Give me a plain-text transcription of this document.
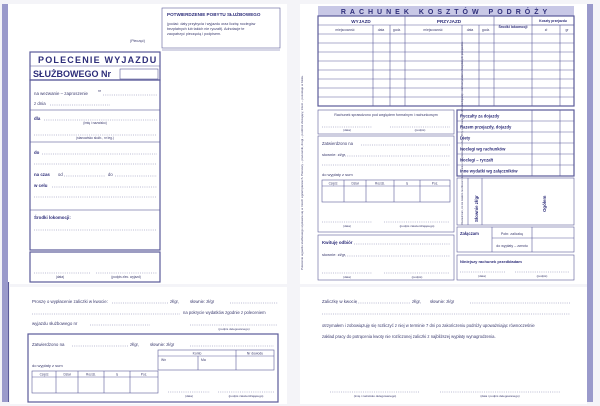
(Pieczęć)
POTWIERDZENIE POBYTU SŁUŻBOWEGO
(podać: daty przybycia i wyjazdu oraz liczbę noclegów
bezpłatnych lub takich nie ryczałt). Adnotacje te
zaopatrzyć pieczęcią i podpisem.
POLECENIE WYJAZDU
SŁUŻBOWEGO Nr
na wezwanie – zaproszenie	nr
z dnia
dla
(imię i nazwisko)
(stanowisko służb., nr leg.)
do
na czas od	do
w celu
Środki lokomocji:
(data)	(podpis zlec. wyjazd)
Polecenie wyjazdu służbowego wystawia się w trzech egzemplarzach. Pierwszy – pracownik, drugi – podmiot zlecający, trzeci – pozostaje w bloku.
RACHUNEK KOSZTÓW PODRÓŻY
WYJAZD	PRZYJAZD
Środki lokomocji
Koszty przejazdu
miejscowość	data	godz.	miejscowość	data	godz.	zł	gr
Rachunek sprawdzono pod względem formalnym i rachunkowym
(data)	(podpis)
Zatwierdzono na
słownie: zł/gr
do wypłaty z sum
Część	Dział	Rozdz.	§	Poz.
(data)	(podpis zatwierdzającego)
Kwituję odbiór
słownie: zł/gr
(data)	(podpis)
Ryczałty za dojazdy
Razem przejazdy, dojazdy
Diety
Noclegi wg rachunków
Noclegi – ryczałt
Inne wydatki wg załączników
Słownie zł/gr	Ogółem
Oświadczam, że nie miałem możliwości skorzystania z bezpłatnego noclegu. Przy rozliczaniu ryczałtów za dojazdy – nie korzystałem z bezpłatnych przejazdów.
Załączam	Pobr. zaliczkę
do wypłaty – zwrotu
Niniejszy rachunek przedkładam
(data)	(podpis)
Proszę o wypłacenie zaliczki w kwocie:	zł/gr,	słownie: zł/gr
na pokrycie wydatków zgodnie z poleceniem
wyjazdu służbowego nr
(podpis delegowanego)
Zatwierdzono na	zł/gr,	słownie: zł/gr
Konto	Nr dowodu
Wn	Ma
do wypłaty z sum
Część	Dział	Rozdz.	§	Poz.
(data)	(podpis zatwierdzającego)
Zaliczkę w kwocie	zł/gr, słownie: zł/gr
otrzymałem i zobowiązuję się rozliczyć z niej w terminie 7 dni po zakończeniu podróży upoważniając równocześnie
zakład pracy do potrącenia kwoty nie rozliczonej zaliczki z najbliższej wypłaty wynagrodzenia.
(imię i nazwisko delegowanego)	(data i podpis delegowanego)
